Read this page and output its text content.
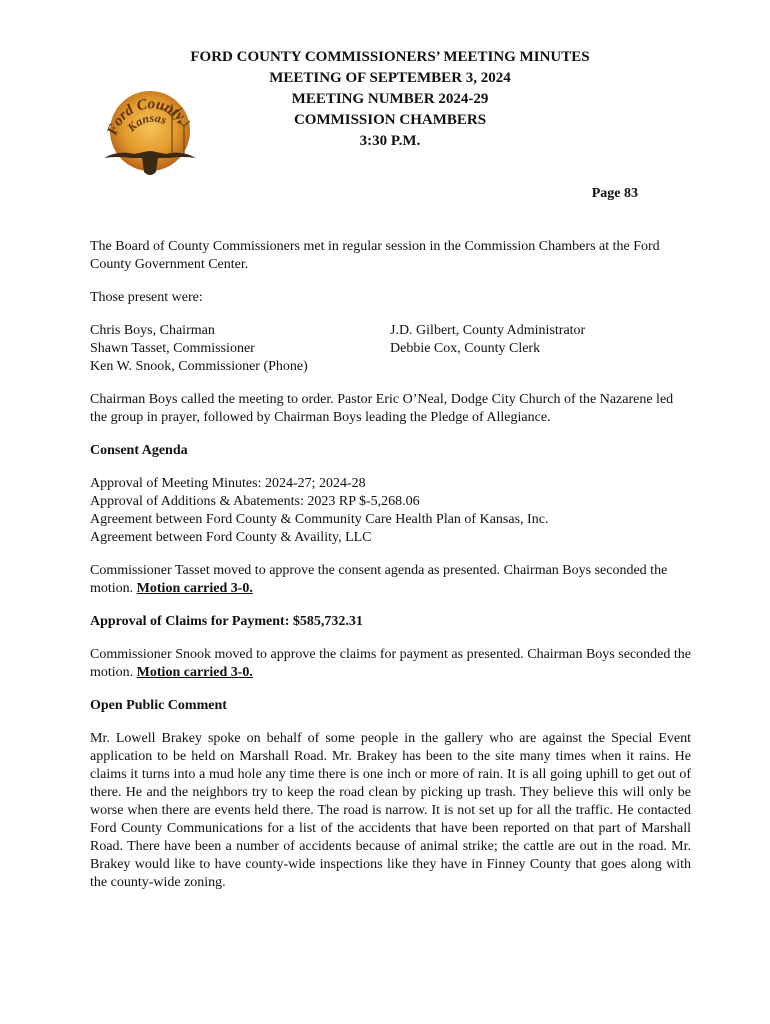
Ford County,
Kansas
FORD COUNTY COMMISSIONERS’ MEETING MINUTES
MEETING OF SEPTEMBER 3, 2024
MEETING NUMBER 2024-29
COMMISSION CHAMBERS
3:30 P.M.
Page 83

The Board of County Commissioners met in regular session in the Commission Chambers at the Ford County Government Center.

Those present were:

Chris Boys, Chairman
Shawn Tasset, Commissioner
Ken W. Snook, Commissioner (Phone)
J.D. Gilbert, County Administrator
Debbie Cox, County Clerk

Chairman Boys called the meeting to order. Pastor Eric O’Neal, Dodge City Church of the Nazarene led the group in prayer, followed by Chairman Boys leading the Pledge of Allegiance.

Consent Agenda
Approval of Meeting Minutes: 2024-27; 2024-28
Approval of Additions & Abatements: 2023 RP $-5,268.06
Agreement between Ford County & Community Care Health Plan of Kansas, Inc.
Agreement between Ford County & Availity, LLC

Commissioner Tasset moved to approve the consent agenda as presented. Chairman Boys seconded the motion. Motion carried 3-0.

Approval of Claims for Payment: $585,732.31

Commissioner Snook moved to approve the claims for payment as presented. Chairman Boys seconded the motion. Motion carried 3-0.

Open Public Comment

Mr. Lowell Brakey spoke on behalf of some people in the gallery who are against the Special Event application to be held on Marshall Road. Mr. Brakey has been to the site many times when it rains. He claims it turns into a mud hole any time there is one inch or more of rain. It is all going uphill to get out of there. He and the neighbors try to keep the road clean by picking up trash. They believe this will only be worse when there are events held there. The road is narrow. It is not set up for all the traffic. He contacted Ford County Communications for a list of the accidents that have been reported on that part of Marshall Road. There have been a number of accidents because of animal strike; the cattle are out in the road. Mr. Brakey would like to have county-wide inspections like they have in Finney County that goes along with the county-wide zoning.
